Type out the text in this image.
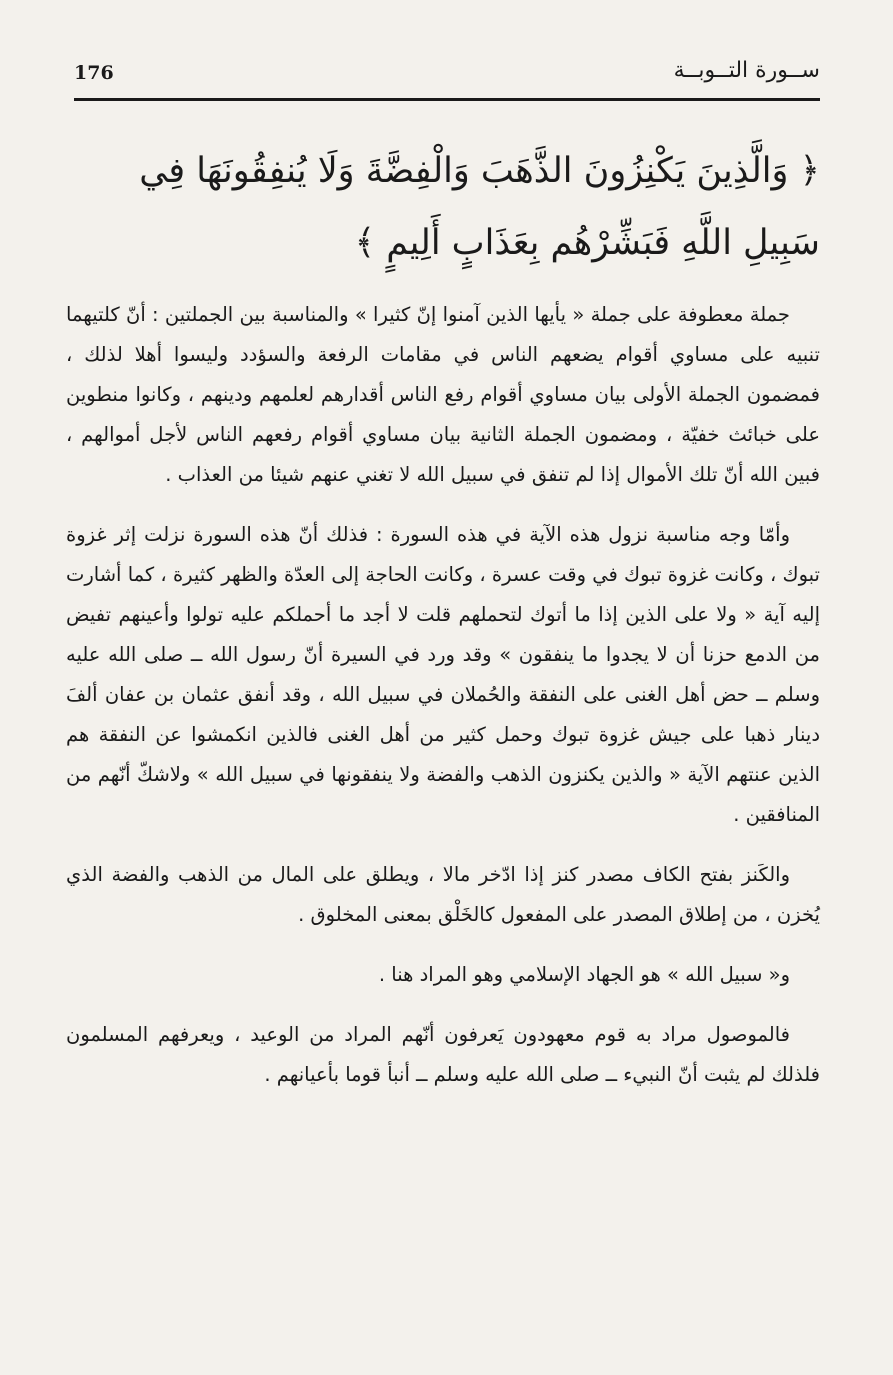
176	ســورة التــوبــة
﴿ وَالَّذِينَ يَكْنِزُونَ الذَّهَبَ وَالْفِضَّةَ وَلَا يُنفِقُونَهَا فِي سَبِيلِ اللَّهِ فَبَشِّرْهُم بِعَذَابٍ أَلِيمٍ ﴾

جملة معطوفة على جملة « يأيها الذين آمنوا إنّ كثيرا » والمناسبة بين الجملتين : أنّ كلتيهما تنبيه على مساوي أقوام يضعهم الناس في مقامات الرفعة والسؤدد وليسوا أهلا لذلك ، فمضمون الجملة الأولى بيان مساوي أقوام رفع الناس أقدارهم لعلمهم ودينهم ، وكانوا منطوين على خبائث خفيّة ، ومضمون الجملة الثانية بيان مساوي أقوام رفعهم الناس لأجل أموالهم ، فبين الله أنّ تلك الأموال إذا لم تنفق في سبيل الله لا تغني عنهم شيئا من العذاب .

وأمّا وجه مناسبة نزول هذه الآية في هذه السورة : فذلك أنّ هذه السورة نزلت إثر غزوة تبوك ، وكانت غزوة تبوك في وقت عسرة ، وكانت الحاجة إلى العدّة والظهر كثيرة ، كما أشارت إليه آية « ولا على الذين إذا ما أتوك لتحملهم قلت لا أجد ما أحملكم عليه تولوا وأعينهم تفيض من الدمع حزنا أن لا يجدوا ما ينفقون » وقد ورد في السيرة أنّ رسول الله ــ صلى الله عليه وسلم ــ حض أهل الغنى على النفقة والحُملان في سبيل الله ، وقد أنفق عثمان بن عفان ألفَ دينار ذهبا على جيش غزوة تبوك وحمل كثير من أهل الغنى فالذين انكمشوا عن النفقة هم الذين عنتهم الآية « والذين يكنزون الذهب والفضة ولا ينفقونها في سبيل الله » ولاشكّ أنّهم من المنافقين .

والكَنز بفتح الكاف مصدر كنز إذا ادّخر مالا ، ويطلق على المال من الذهب والفضة الذي يُخزن ، من إطلاق المصدر على المفعول كالخَلْق بمعنى المخلوق .

و« سبيل الله » هو الجهاد الإسلامي وهو المراد هنا .

فالموصول مراد به قوم معهودون يَعرفون أنّهم المراد من الوعيد ، ويعرفهم المسلمون فلذلك لم يثبت أنّ النبيء ــ صلى الله عليه وسلم ــ أنبأ قوما بأعيانهم .
